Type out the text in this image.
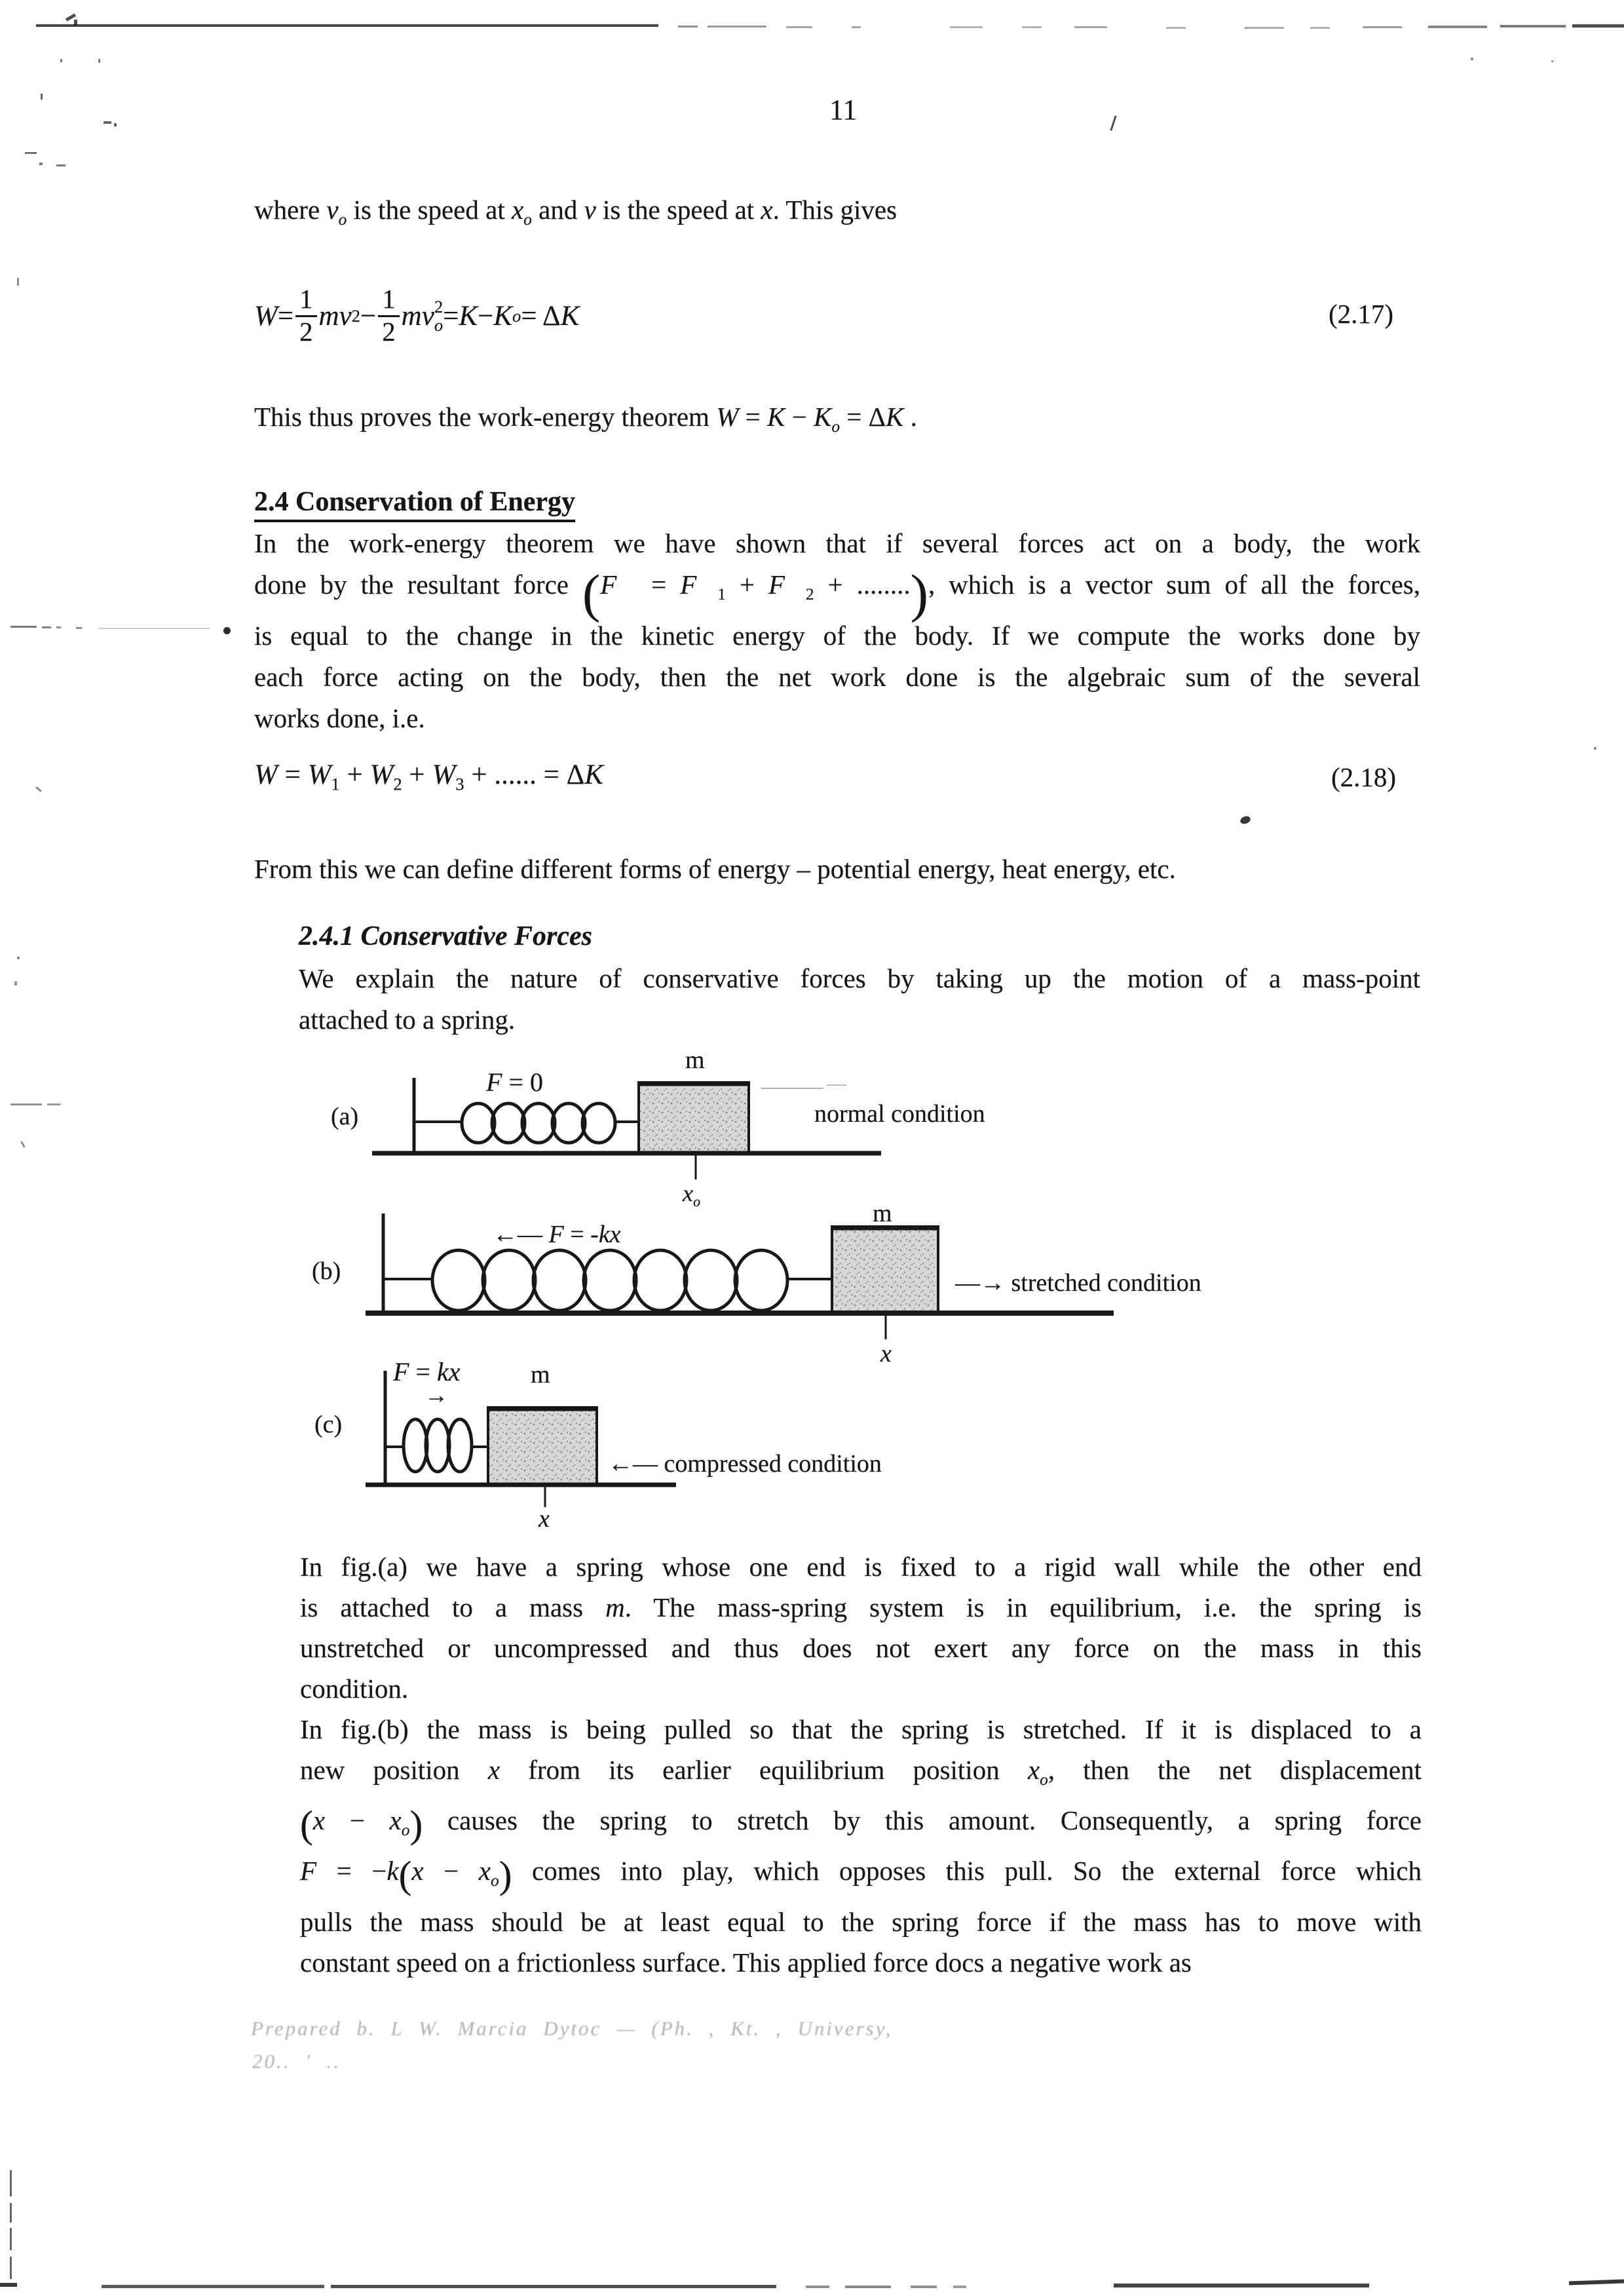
11
where $v_o$ is the speed at $x_o$ and v is the speed at x. This gives
$W = \frac{1}{2}$ mv $2 - \frac{1}{2}$ mv 2
o = K − K o = Δ K	(2.17)
This thus proves the work-energy theorem $W = K - K_o = \Delta K$ .
2.4 Conservation of Energy
In the work-energy theorem we have shown that if several forces act on a body, the work
done by the resultant force (F⃗ = $F⃗_1$ + $F⃗_2$ + ........), which is a vector sum of all the forces,
is equal to the change in the kinetic energy of the body. If we compute the works done by
each force acting on the body, then the net work done is the algebraic sum of the several
works done, i.e.
$W = W_1 + W_2 + W_3$ + ...... = ΔK	(2.18)
From this we can define different forms of energy – potential energy, heat energy, etc.
2.4.1 Conservative Forces
We explain the nature of conservative forces by taking up the motion of a mass-point
attached to a spring.
(a)
F = 0
m
$x_o$
normal condition
(b)
←— F = -kx
m
—→ stretched condition
x
F = kx
→
(c)
m
←— compressed condition
x
In fig.(a) we have a spring whose one end is fixed to a rigid wall while the other end
is attached to a mass m. The mass-spring system is in equilibrium, i.e. the spring is
unstretched or uncompressed and thus does not exert any force on the mass in this
condition.
In fig.(b) the mass is being pulled so that the spring is stretched. If it is displaced to a
new position x from its earlier equilibrium position $x_o$, then the net displacement
$(x - x_o)$ causes the spring to stretch by this amount. Consequently, a spring force
$F = -k(x - x_o)$ comes into play, which opposes this pull. So the external force which
pulls the mass should be at least equal to the spring force if the mass has to move with
constant speed on a frictionless surface. This applied force docs a negative work as
Prepared b. L W. Marcia Dytoc — (Ph. , Kt. , Universy,
20.. ' ..
